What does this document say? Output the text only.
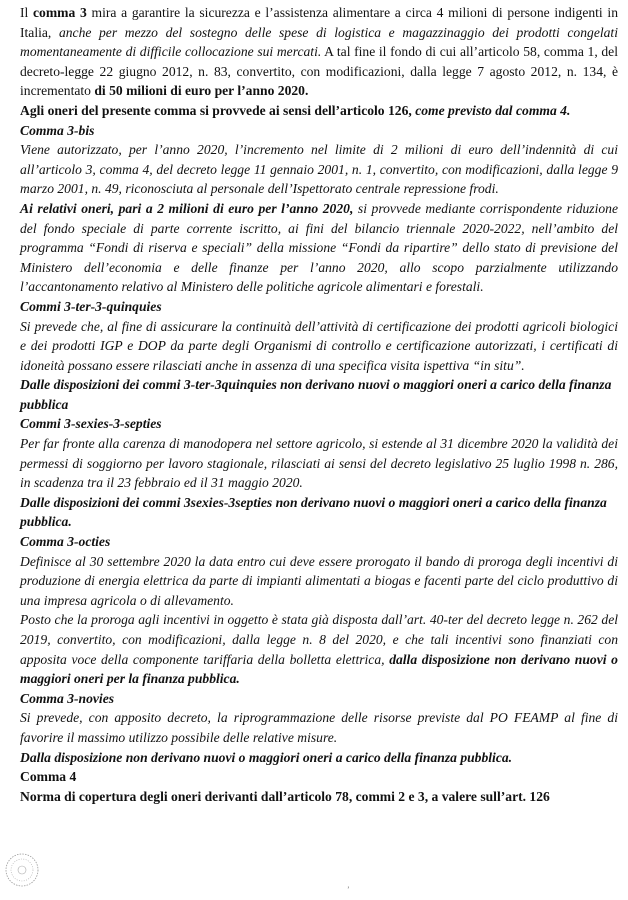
Il comma 3 mira a garantire la sicurezza e l’assistenza alimentare a circa 4 milioni di persone indigenti in Italia, anche per mezzo del sostegno delle spese di logistica e magazzinaggio dei prodotti congelati momentaneamente di difficile collocazione sui mercati. A tal fine il fondo di cui all’articolo 58, comma 1, del decreto-legge 22 giugno 2012, n. 83, convertito, con modificazioni, dalla legge 7 agosto 2012, n. 134, è incrementato di 50 milioni di euro per l’anno 2020.

Agli oneri del presente comma si provvede ai sensi dell’articolo 126, come previsto dal comma 4.

Comma 3-bis

Viene autorizzato, per l’anno 2020, l’incremento nel limite di 2 milioni di euro dell’indennità di cui all’articolo 3, comma 4, del decreto legge 11 gennaio 2001, n. 1, convertito, con modificazioni, dalla legge 9 marzo 2001, n. 49, riconosciuta al personale dell’Ispettorato centrale repressione frodi.

Ai relativi oneri, pari a 2 milioni di euro per l’anno 2020, si provvede mediante corrispondente riduzione del fondo speciale di parte corrente iscritto, ai fini del bilancio triennale 2020-2022, nell’ambito del programma “Fondi di riserva e speciali” della missione “Fondi da ripartire” dello stato di previsione del Ministero dell’economia e delle finanze per l’anno 2020, allo scopo parzialmente utilizzando l’accantonamento relativo al Ministero delle politiche agricole alimentari e forestali.

Commi 3-ter-3-quinquies

Si prevede che, al fine di assicurare la continuità dell’attività di certificazione dei prodotti agricoli biologici e dei prodotti IGP e DOP da parte degli Organismi di controllo e certificazione autorizzati, i certificati di idoneità possano essere rilasciati anche in assenza di una specifica visita ispettiva “in situ”.

Dalle disposizioni dei commi 3-ter-3quinquies non derivano nuovi o maggiori oneri a carico della finanza pubblica

Commi 3-sexies-3-septies

Per far fronte alla carenza di manodopera nel settore agricolo, si estende al 31 dicembre 2020 la validità dei permessi di soggiorno per lavoro stagionale, rilasciati ai sensi del decreto legislativo 25 luglio 1998 n. 286, in scadenza tra il 23 febbraio ed il 31 maggio 2020.

Dalle disposizioni dei commi 3sexies-3septies non derivano nuovi o maggiori oneri a carico della finanza pubblica.

Comma 3-octies

Definisce al 30 settembre 2020 la data entro cui deve essere prorogato il bando di proroga degli incentivi di produzione di energia elettrica da parte di impianti alimentati a biogas e facenti parte del ciclo produttivo di una impresa agricola o di allevamento.

Posto che la proroga agli incentivi in oggetto è stata già disposta dall’art. 40-ter del decreto legge n. 262 del 2019, convertito, con modificazioni, dalla legge n. 8 del 2020, e che tali incentivi sono finanziati con apposita voce della componente tariffaria della bolletta elettrica, dalla disposizione non derivano nuovi o maggiori oneri per la finanza pubblica.

Comma 3-novies

Si prevede, con apposito decreto, la riprogrammazione delle risorse previste dal PO FEAMP al fine di favorire il massimo utilizzo possibile delle relative misure.

Dalla disposizione non derivano nuovi o maggiori oneri a carico della finanza pubblica.

Comma 4

Norma di copertura degli oneri derivanti dall’articolo 78, commi 2 e 3, a valere sull’art. 126

ʼ
